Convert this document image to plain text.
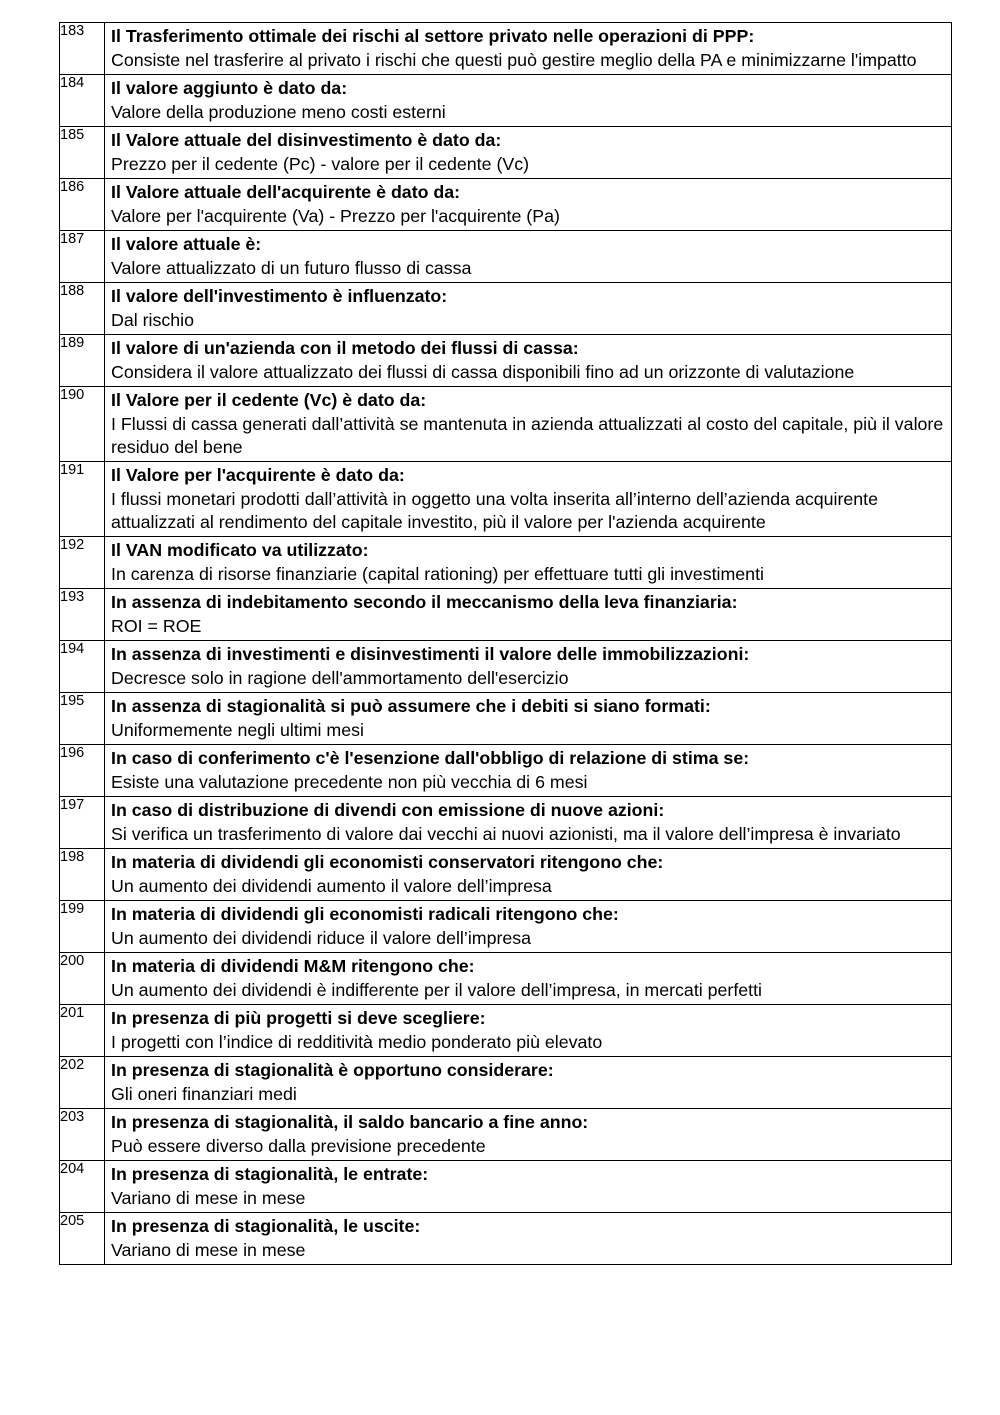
183	Il Trasferimento ottimale dei rischi al settore privato nelle operazioni di PPP:
Consiste nel trasferire al privato i rischi che questi può gestire meglio della PA e minimizzarne l'impatto

184	Il valore aggiunto è dato da:
Valore della produzione meno costi esterni

185	Il Valore attuale del disinvestimento è dato da:
Prezzo per il cedente (Pc) - valore per il cedente (Vc)

186	Il Valore attuale dell'acquirente è dato da:
Valore per l'acquirente (Va) - Prezzo per l'acquirente (Pa)

187	Il valore attuale è:
Valore attualizzato di un futuro flusso di cassa

188	Il valore dell'investimento è influenzato:
Dal rischio

189	Il valore di un'azienda con il metodo dei flussi di cassa:
Considera il valore attualizzato dei flussi di cassa disponibili fino ad un orizzonte di valutazione

190	Il Valore per il cedente (Vc) è dato da:
I Flussi di cassa generati dall’attività se mantenuta in azienda attualizzati al costo del capitale, più il valore residuo del bene

191	Il Valore per l'acquirente è dato da:
I flussi monetari prodotti dall’attività in oggetto una volta inserita all’interno dell’azienda acquirente attualizzati al rendimento del capitale investito, più il valore per l'azienda acquirente

192	Il VAN modificato va utilizzato:
In carenza di risorse finanziarie (capital rationing) per effettuare tutti gli investimenti

193	In assenza di indebitamento secondo il meccanismo della leva finanziaria:
ROI = ROE

194	In assenza di investimenti e disinvestimenti il valore delle immobilizzazioni:
Decresce solo in ragione dell'ammortamento dell'esercizio

195	In assenza di stagionalità si può assumere che i debiti si siano formati:
Uniformemente negli ultimi mesi

196	In caso di conferimento c'è l'esenzione dall'obbligo di relazione di stima se:
Esiste una valutazione precedente non più vecchia di 6 mesi

197	In caso di distribuzione di divendi con emissione di nuove azioni:
Si verifica un trasferimento di valore dai vecchi ai nuovi azionisti, ma il valore dell’impresa è invariato

198	In materia di dividendi gli economisti conservatori ritengono che:
Un aumento dei dividendi aumento il valore dell’impresa

199	In materia di dividendi gli economisti radicali ritengono che:
Un aumento dei dividendi riduce il valore dell’impresa

200	In materia di dividendi M&M ritengono che:
Un aumento dei dividendi è indifferente per il valore dell’impresa, in mercati perfetti

201	In presenza di più progetti si deve scegliere:
I progetti con l’indice di redditività medio ponderato più elevato

202	In presenza di stagionalità è opportuno considerare:
Gli oneri finanziari medi

203	In presenza di stagionalità, il saldo bancario a fine anno:
Può essere diverso dalla previsione precedente

204	In presenza di stagionalità, le entrate:
Variano di mese in mese

205	In presenza di stagionalità, le uscite:
Variano di mese in mese
